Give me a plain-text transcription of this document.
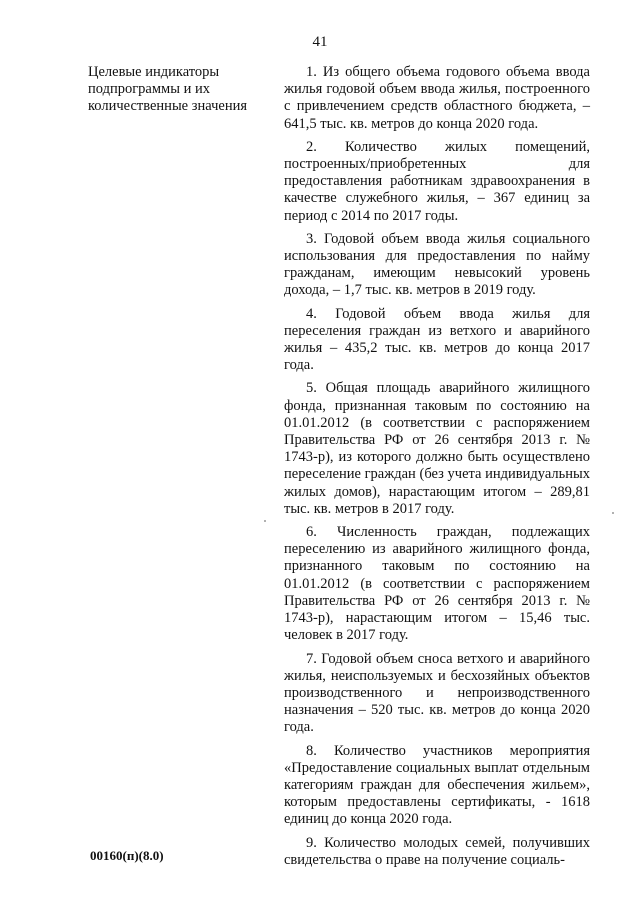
41
Целевые индикаторы подпрограммы и их количественные значения

1. Из общего объема годового объема ввода жилья годовой объем ввода жилья, построенного с привлечением средств областного бюджета, – 641,5 тыс. кв. метров до конца 2020 года.

2. Количество жилых помещений, построенных/приобретенных для предоставления работникам здравоохранения в качестве служебного жилья, – 367 единиц за период с 2014 по 2017 годы.

3. Годовой объем ввода жилья социального использования для предоставления по найму гражданам, имеющим невысокий уровень дохода, – 1,7 тыс. кв. метров в 2019 году.

4. Годовой объем ввода жилья для переселения граждан из ветхого и аварийного жилья – 435,2 тыс. кв. метров до конца 2017 года.

5. Общая площадь аварийного жилищного фонда, признанная таковым по состоянию на 01.01.2012 (в соответствии с распоряжением Правительства РФ от 26 сентября 2013 г. № 1743-р), из которого должно быть осуществлено переселение граждан (без учета индивидуальных жилых домов), нарастающим итогом – 289,81 тыс. кв. метров в 2017 году.

6. Численность граждан, подлежащих переселению из аварийного жилищного фонда, признанного таковым по состоянию на 01.01.2012 (в соответствии с распоряжением Правительства РФ от 26 сентября 2013 г. № 1743-р), нарастающим итогом – 15,46 тыс. человек в 2017 году.

7. Годовой объем сноса ветхого и аварийного жилья, неиспользуемых и бесхозяйных объектов производственного и непроизводственного назначения – 520 тыс. кв. метров до конца 2020 года.

8. Количество участников мероприятия «Предоставление социальных выплат отдельным категориям граждан для обеспечения жильем», которым предоставлены сертификаты, - 1618 единиц до конца 2020 года.

9. Количество молодых семей, получивших свидетельства о праве на получение социаль-

00160(п)(8.0)
